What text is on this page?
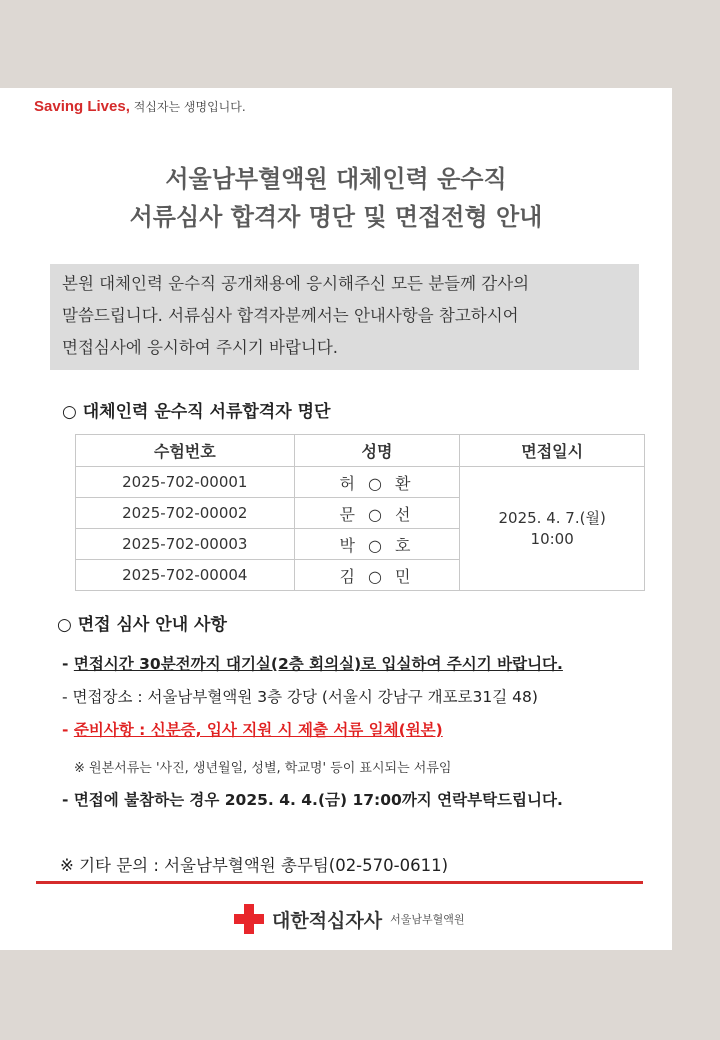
Saving Lives, 적십자는 생명입니다.
서울남부혈액원 대체인력 운수직
서류심사 합격자 명단 및 면접전형 안내
본원 대체인력 운수직 공개채용에 응시해주신 모든 분들께 감사의
말씀드립니다. 서류심사 합격자분께서는 안내사항을 참고하시어
면접심사에 응시하여 주시기 바랍니다.
○ 대체인력 운수직 서류합격자 명단
수험번호	성명	면접일시
2025-702-00001	허 ○ 환	2025. 4. 7.(월)
10:00

2025-702-00002	문 ○ 선	
2025-702-00003	박 ○ 호	
2025-702-00004	김 ○ 민	
○ 면접 심사 안내 사항
- 면접시간 30분전까지 대기실(2층 회의실)로 입실하여 주시기 바랍니다.
- 면접장소 : 서울남부혈액원 3층 강당 (서울시 강남구 개포로31길 48)
- 준비사항 : 신분증, 입사 지원 시 제출 서류 일체(원본)
※ 원본서류는 '사진, 생년월일, 성별, 학교명' 등이 표시되는 서류임
- 면접에 불참하는 경우 2025. 4. 4.(금) 17:00까지 연락부탁드립니다.
※ 기타 문의 : 서울남부혈액원 총무팀(02-570-0611)
대한적십자사 서울남부혈액원
